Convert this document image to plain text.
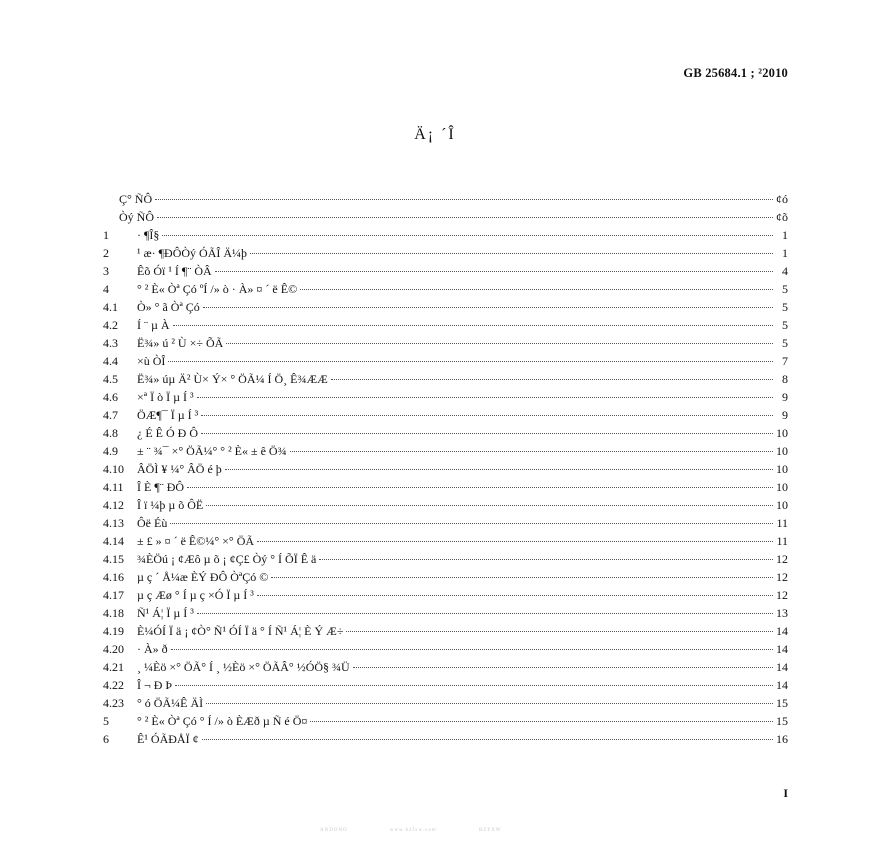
GB 25684.1 ; ²2010
Ä¡ ´Î
Ç° ÑÔ	¢ó
Òý ÑÔ	¢õ
1	· ¶Î§	1
2	¹ æ· ¶ÐÔÒý ÓÃÎ Ä¼þ	1
3	Êõ Óï ¹ Í ¶¨ ÒÂ	4
4	° ² È« Òª Çó ºÍ /» ò · À» ¤ ´ ë Ê©	5
4.1	Ò» ° ã Òª Çó	5
4.2	Í ¨ µ À	5
4.3	Ë¾» ú ² Ù ×÷ ÕÃ	5
4.4	×ù ÒÎ	7
4.5	Ë¾» úµ Ä² Ù× Ý× ° ÖÃ¼ Í Ö¸ Ê¾ÆÆ	8
4.6	×ª Ï ò Ï µ Í ³	9
4.7	ÖÆ¶¯ Ï µ Í ³	9
4.8	¿ É Ê Ó Ð Ô	10
4.9	± ¨ ¾¯ ×° ÖÃ¼° ° ² È« ± ê Ö¾	10
4.10	ÂÖÌ ¥ ¼° ÂÖ é þ	10
4.11	Î È ¶¨ ÐÔ	10
4.12	Î ï ¼þ µ õ ÔË	10
4.13	Ôë Éù	11
4.14	± £ » ¤ ´ ë Ê©¼° ×° ÖÃ	11
4.15	¾ÈÖú ¡ ¢Æô µ õ ¡ ¢Ç£ Òý ° Í ÕÏ Ê ä	12
4.16	µ ç ´ Å¼æ ÈÝ ÐÔ ÒªÇó ©	12
4.17	µ ç Æø ° Í µ ç ×Ó Ï µ Í ³	12
4.18	Ñ¹ Á¦ Ï µ Í ³	13
4.19	È¼ÓÍ Ï ä ¡ ¢Ò° Ñ¹ ÓÍ Ï ä ° Í Ñ¹ Á¦ È Ý Æ÷	14
4.20	· À» ð	14
4.21	¸ ¼Èö ×° ÖÃ° Í ¸ ½Èö ×° ÖÃÂ° ½ÓÖ§ ¾Ü	14
4.22	Î ¬ Ð Þ	14
4.23	° ó ÖÃ¼Ê ÄÌ	15
5	° ² È« Òª Çó ° Í /» ò ÈÆð µ Ñ é Ö¤	15
6	Ê¹ ÓÃÐÅÏ ¢	16
I
ANDONO www.bzfxw.com BZFXW
